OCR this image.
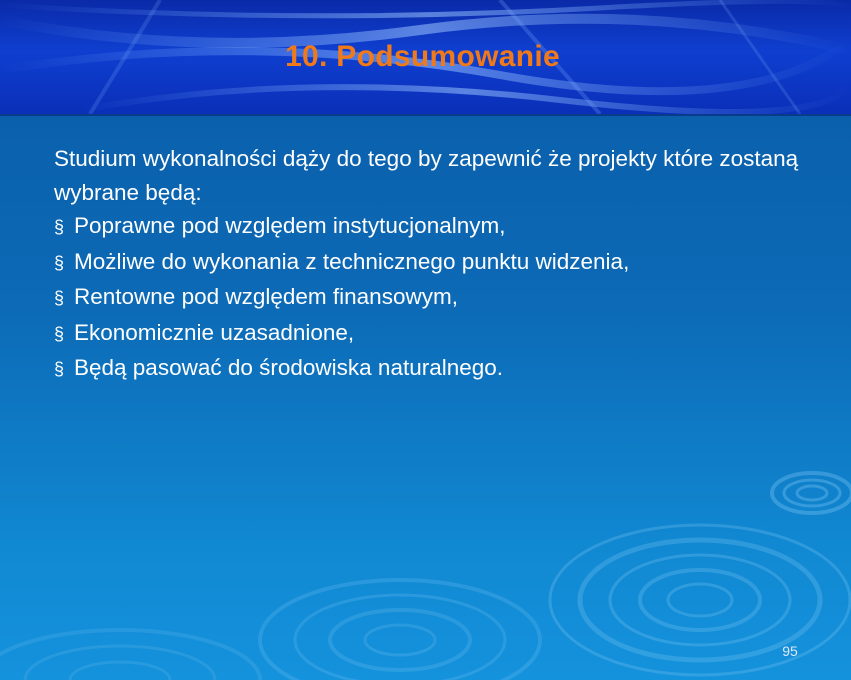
10. Podsumowanie

Studium wykonalności dąży do tego by zapewnić że projekty które zostaną wybrane będą:

§ Poprawne pod względem instytucjonalnym,
§ Możliwe do wykonania z technicznego punktu widzenia,
§ Rentowne pod względem finansowym,
§ Ekonomicznie uzasadnione,
§ Będą pasować do środowiska naturalnego.
95
